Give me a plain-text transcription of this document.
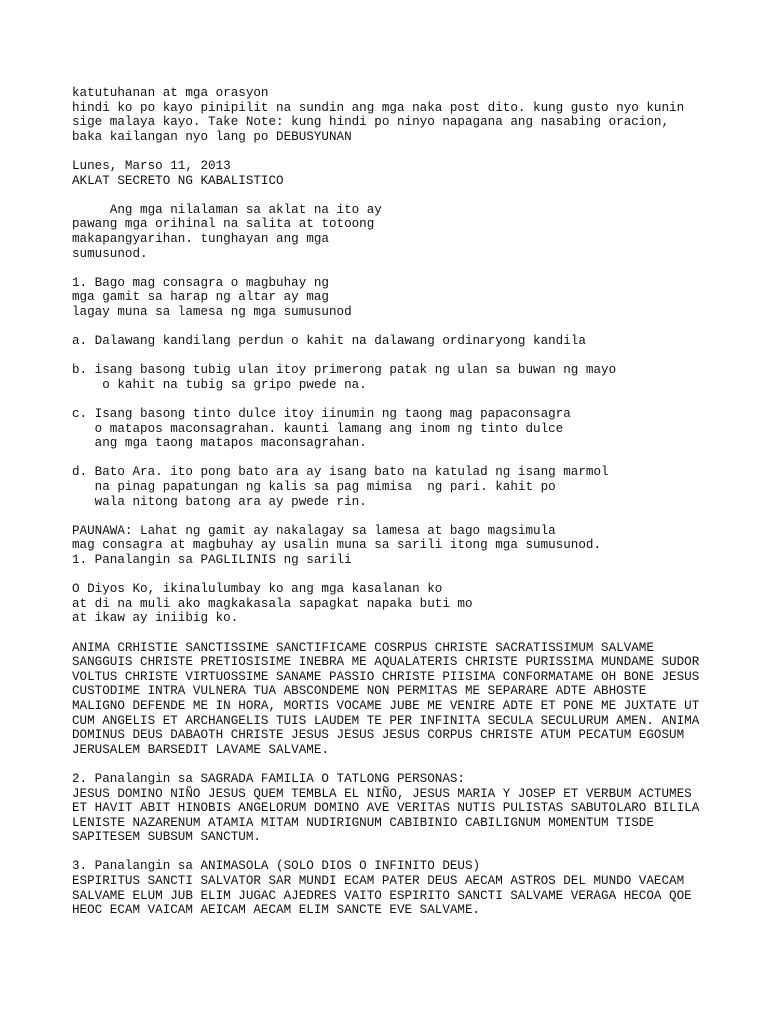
katutuhanan at mga orasyon
hindi ko po kayo pinipilit na sundin ang mga naka post dito. kung gusto nyo kunin
sige malaya kayo. Take Note: kung hindi po ninyo napagana ang nasabing oracion,
baka kailangan nyo lang po DEBUSYUNAN
Lunes, Marso 11, 2013
AKLAT SECRETO NG KABALISTICO
Ang mga nilalaman sa aklat na ito ay
pawang mga orihinal na salita at totoong
makapangyarihan. tunghayan ang mga
sumusunod.
1. Bago mag consagra o magbuhay ng
mga gamit sa harap ng altar ay mag
lagay muna sa lamesa ng mga sumusunod
a. Dalawang kandilang perdun o kahit na dalawang ordinaryong kandila
b. isang basong tubig ulan itoy primerong patak ng ulan sa buwan ng mayo
o kahit na tubig sa gripo pwede na.
c. Isang basong tinto dulce itoy iinumin ng taong mag papaconsagra
o matapos maconsagrahan. kaunti lamang ang inom ng tinto dulce
ang mga taong matapos maconsagrahan.
d. Bato Ara. ito pong bato ara ay isang bato na katulad ng isang marmol
na pinag papatungan ng kalis sa pag mimisa  ng pari. kahit po
wala nitong batong ara ay pwede rin.
PAUNAWA: Lahat ng gamit ay nakalagay sa lamesa at bago magsimula
mag consagra at magbuhay ay usalin muna sa sarili itong mga sumusunod.
1. Panalangin sa PAGLILINIS ng sarili
O Diyos Ko, ikinalulumbay ko ang mga kasalanan ko
at di na muli ako magkakasala sapagkat napaka buti mo
at ikaw ay iniibig ko.
ANIMA CRHISTIE SANCTISSIME SANCTIFICAME COSRPUS CHRISTE SACRATISSIMUM SALVAME
SANGGUIS CHRISTE PRETIOSISIME INEBRA ME AQUALATERIS CHRISTE PURISSIMA MUNDAME SUDOR
VOLTUS CHRISTE VIRTUOSSIME SANAME PASSIO CHRISTE PIISIMA CONFORMATAME OH BONE JESUS
CUSTODIME INTRA VULNERA TUA ABSCONDEME NON PERMITAS ME SEPARARE ADTE ABHOSTE
MALIGNO DEFENDE ME IN HORA, MORTIS VOCAME JUBE ME VENIRE ADTE ET PONE ME JUXTATE UT
CUM ANGELIS ET ARCHANGELIS TUIS LAUDEM TE PER INFINITA SECULA SECULURUM AMEN. ANIMA
DOMINUS DEUS DABAOTH CHRISTE JESUS JESUS JESUS CORPUS CHRISTE ATUM PECATUM EGOSUM
JERUSALEM BARSEDIT LAVAME SALVAME.
2. Panalangin sa SAGRADA FAMILIA O TATLONG PERSONAS:
JESUS DOMINO NIÑO JESUS QUEM TEMBLA EL NIÑO, JESUS MARIA Y JOSEP ET VERBUM ACTUMES
ET HAVIT ABIT HINOBIS ANGELORUM DOMINO AVE VERITAS NUTIS PULISTAS SABUTOLARO BILILA
LENISTE NAZARENUM ATAMIA MITAM NUDIRIGNUM CABIBINIO CABILIGNUM MOMENTUM TISDE
SAPITESEM SUBSUM SANCTUM.
3. Panalangin sa ANIMASOLA (SOLO DIOS O INFINITO DEUS)
ESPIRITUS SANCTI SALVATOR SAR MUNDI ECAM PATER DEUS AECAM ASTROS DEL MUNDO VAECAM
SALVAME ELUM JUB ELIM JUGAC AJEDRES VAITO ESPIRITO SANCTI SALVAME VERAGA HECOA QOE
HEOC ECAM VAICAM AEICAM AECAM ELIM SANCTE EVE SALVAME.
